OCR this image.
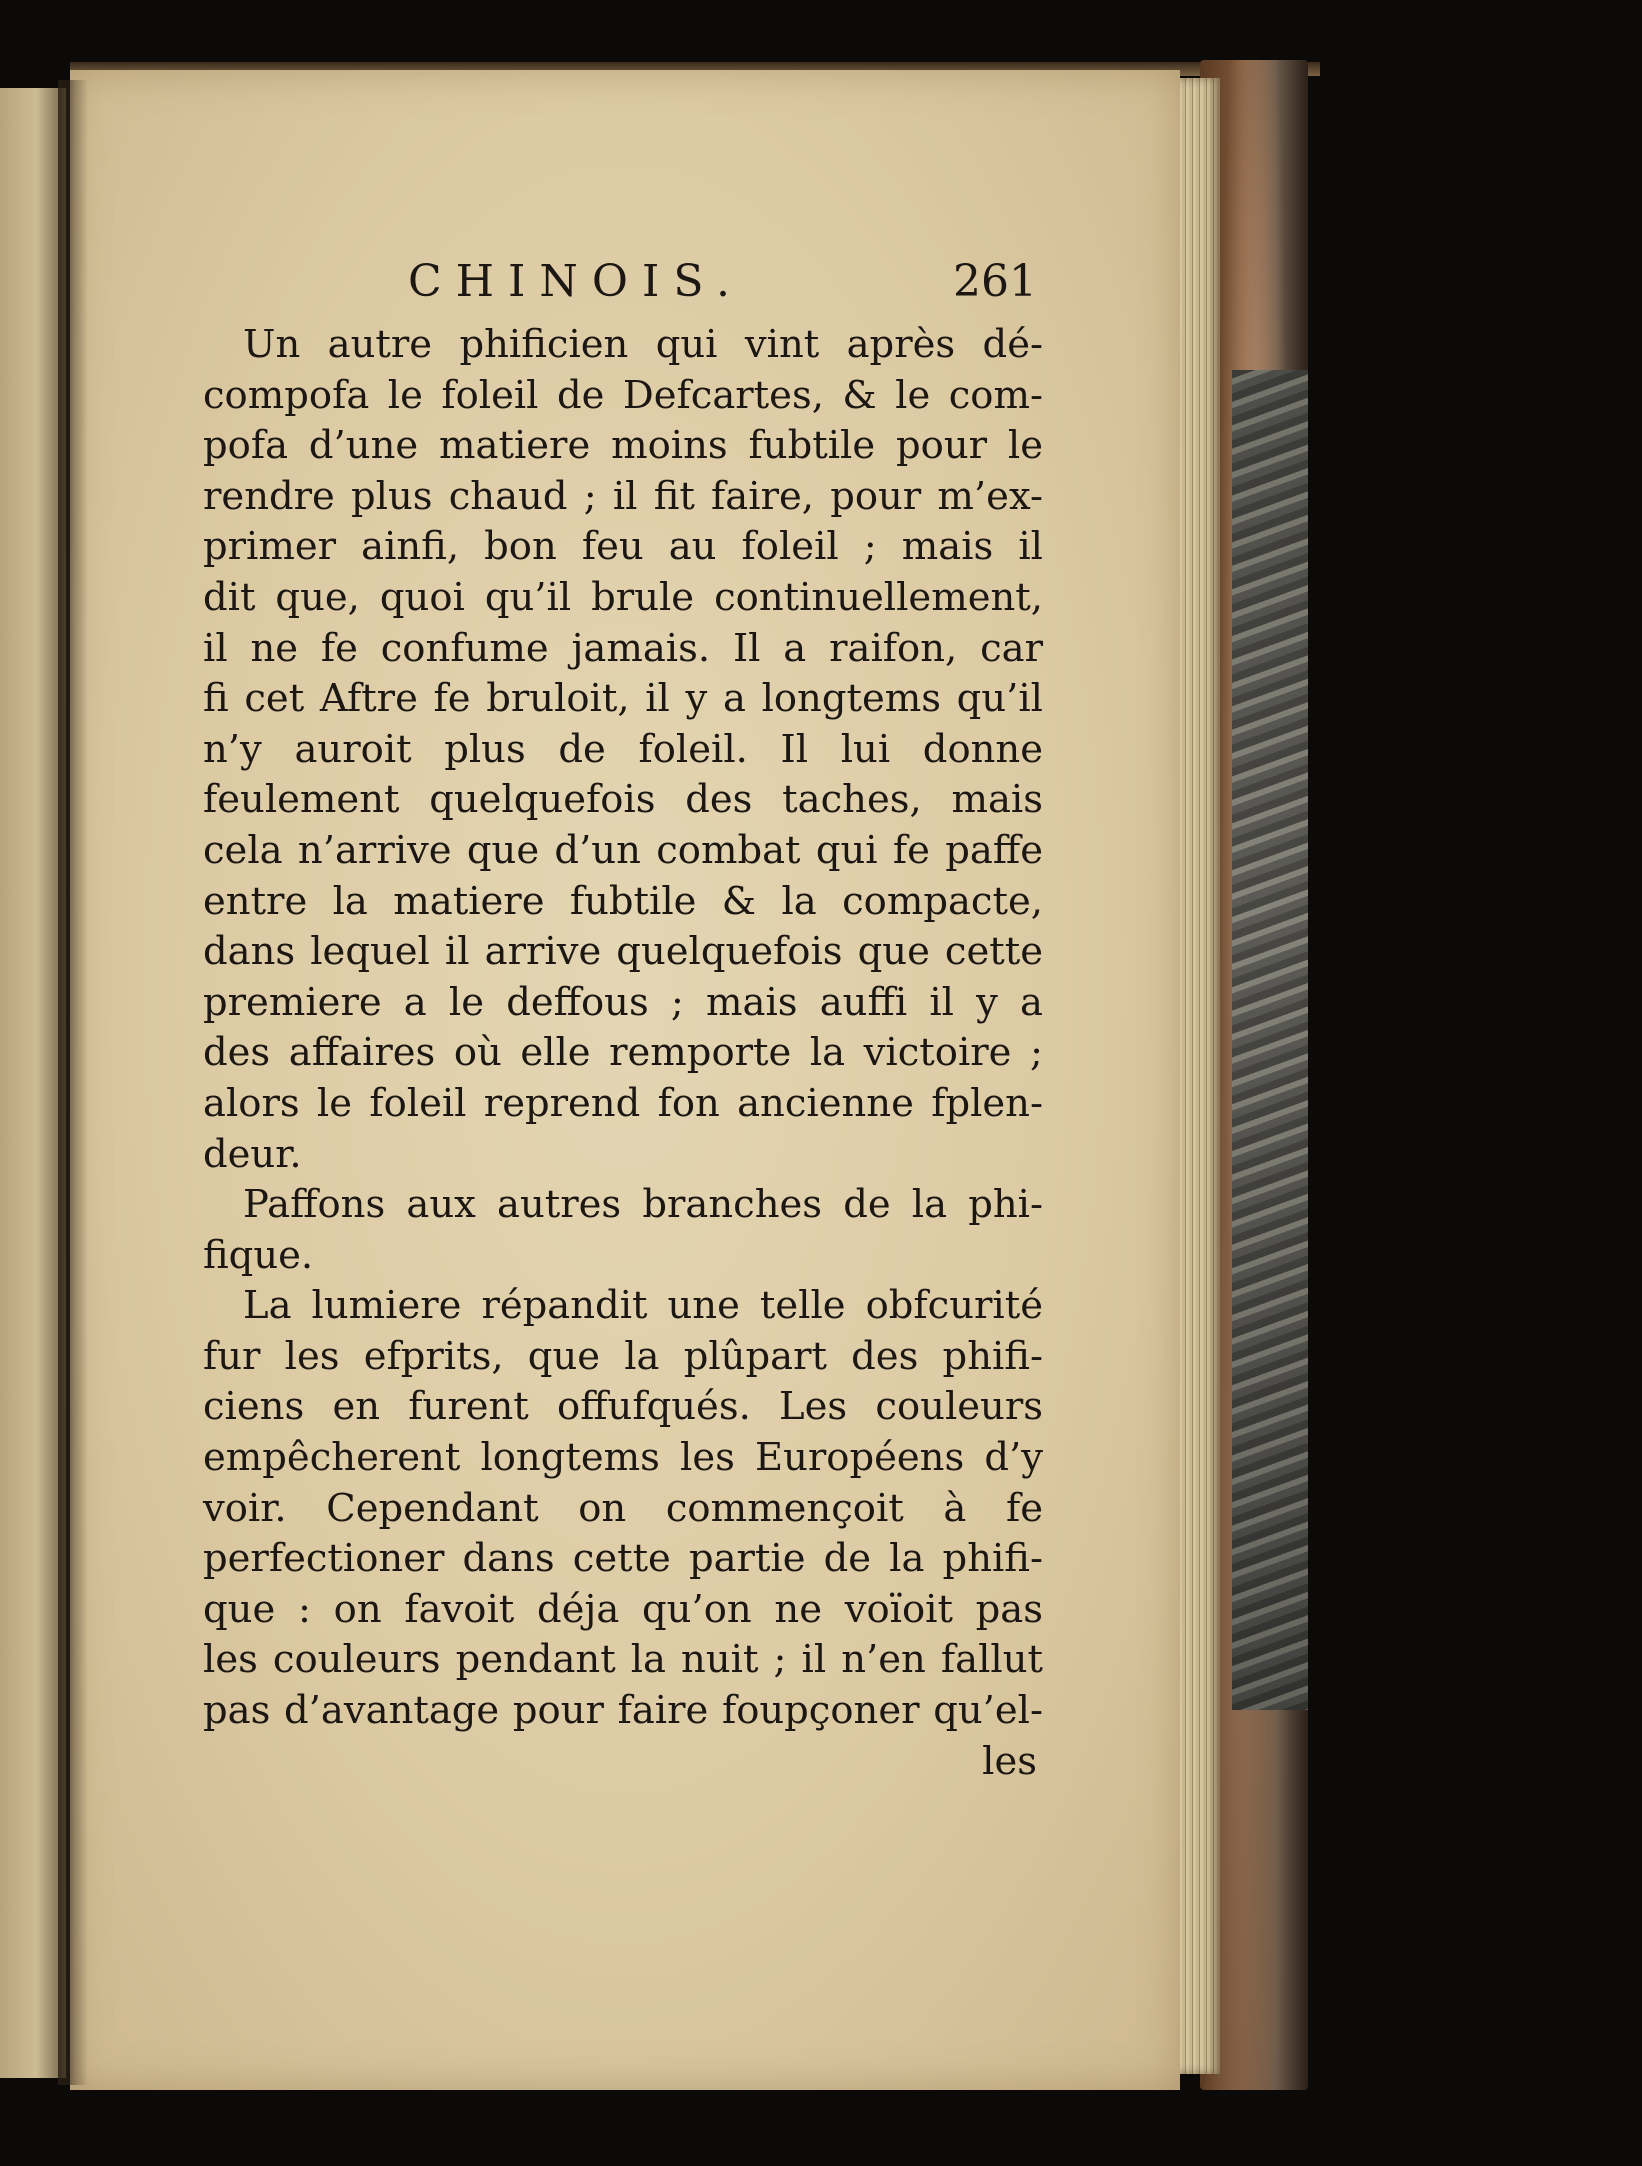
CHINOIS.	261
Un autre phificien qui vint après dé-
compofa le foleil de Defcartes, & le com-
pofa d’une matiere moins fubtile pour le
rendre plus chaud ; il fit faire, pour m’ex-
primer ainfi, bon feu au foleil ; mais il
dit que, quoi qu’il brule continuellement,
il ne fe confume jamais. Il a raifon, car
fi cet Aftre fe bruloit, il y a longtems qu’il
n’y auroit plus de foleil. Il lui donne
feulement quelquefois des taches, mais
cela n’arrive que d’un combat qui fe paffe
entre la matiere fubtile & la compacte,
dans lequel il arrive quelquefois que cette
premiere a le deffous ; mais auffi il y a
des affaires où elle remporte la victoire ;
alors le foleil reprend fon ancienne fplen-
deur.
Paffons aux autres branches de la phi-
fique.
La lumiere répandit une telle obfcurité
fur les efprits, que la plûpart des phifi-
ciens en furent offufqués. Les couleurs
empêcherent longtems les Européens d’y
voir. Cependant on commençoit à fe
perfectioner dans cette partie de la phifi-
que : on favoit déja qu’on ne voïoit pas
les couleurs pendant la nuit ; il n’en fallut
pas d’avantage pour faire foupçoner qu’el-
les
